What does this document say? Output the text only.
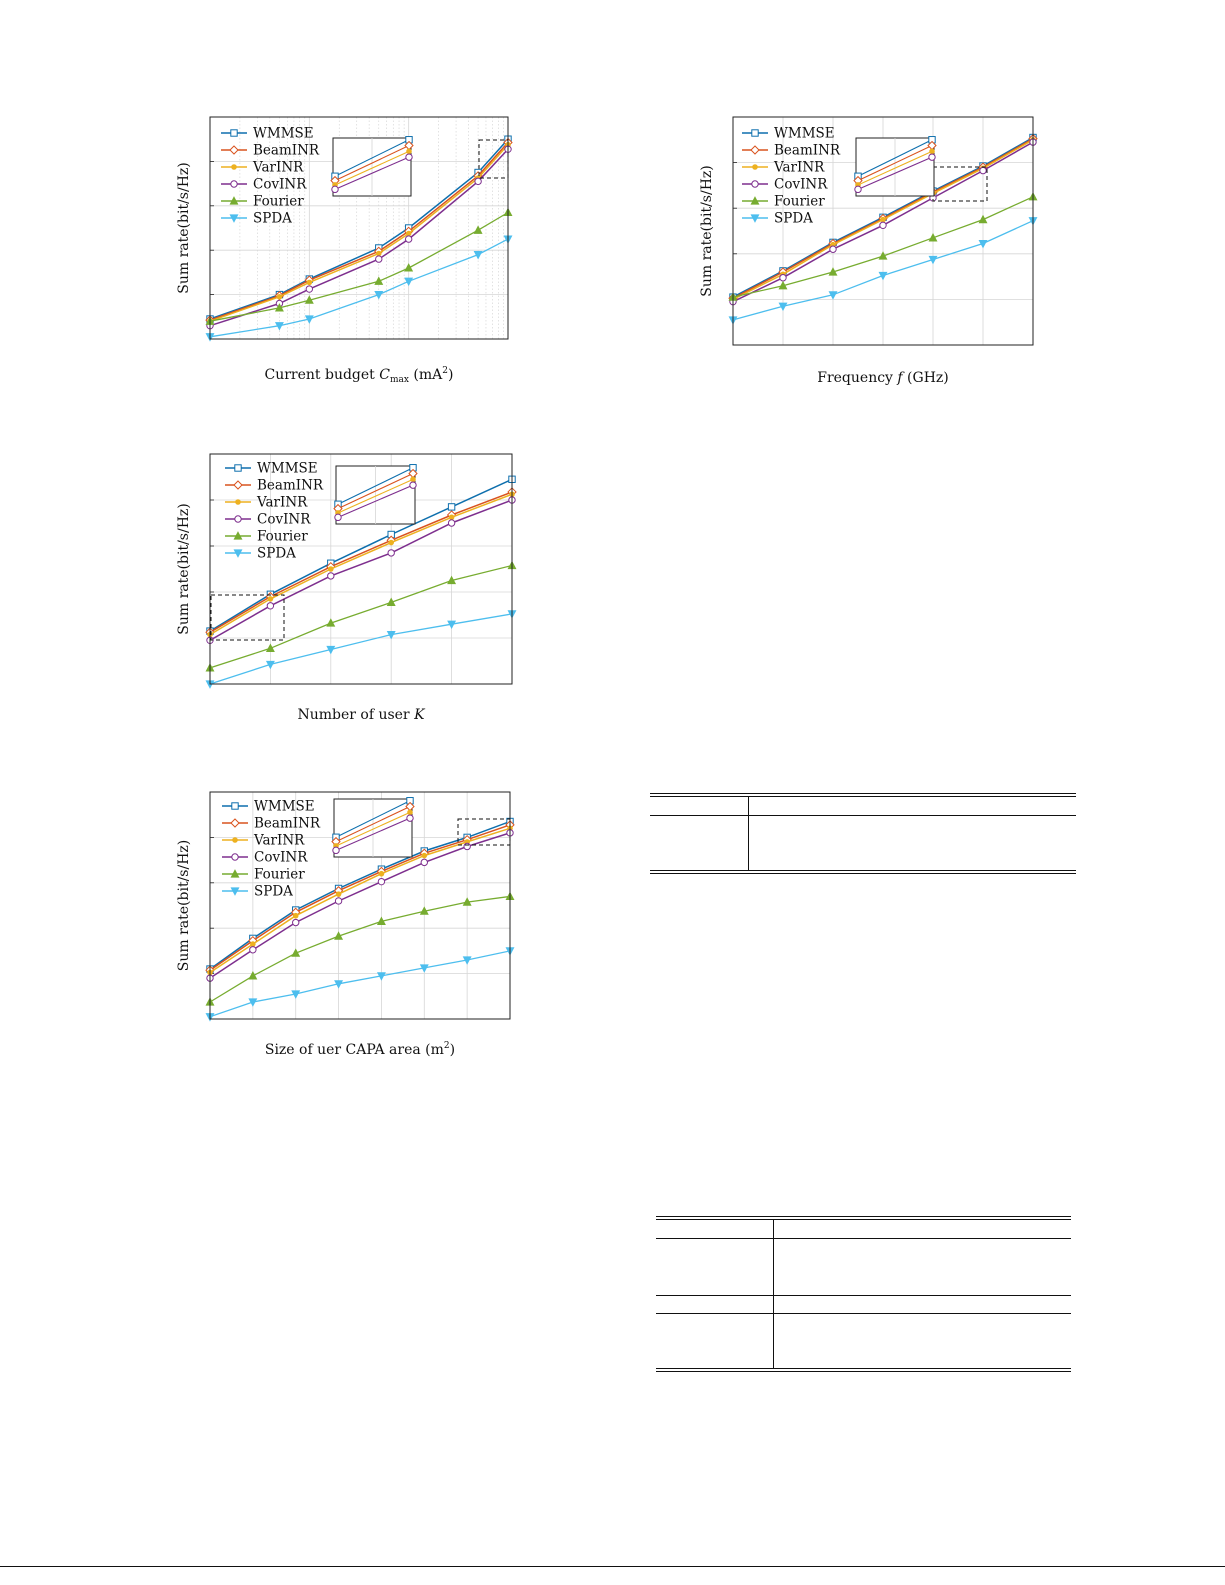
WMMSE
BeamINR
VarINR
CovINR
Fourier
SPDA
Sum rate(bit/s/Hz)
Current budget $C_{max}$ $(mA^2)$
WMMSE
BeamINR
VarINR
CovINR
Fourier
SPDA
Sum rate(bit/s/Hz)
Frequency f (GHz)
WMMSE
BeamINR
VarINR
CovINR
Fourier
SPDA
Sum rate(bit/s/Hz)
Number of user K
WMMSE
BeamINR
VarINR
CovINR
Fourier
SPDA
Sum rate(bit/s/Hz)
Size of uer CAPA area $(m^2)$
